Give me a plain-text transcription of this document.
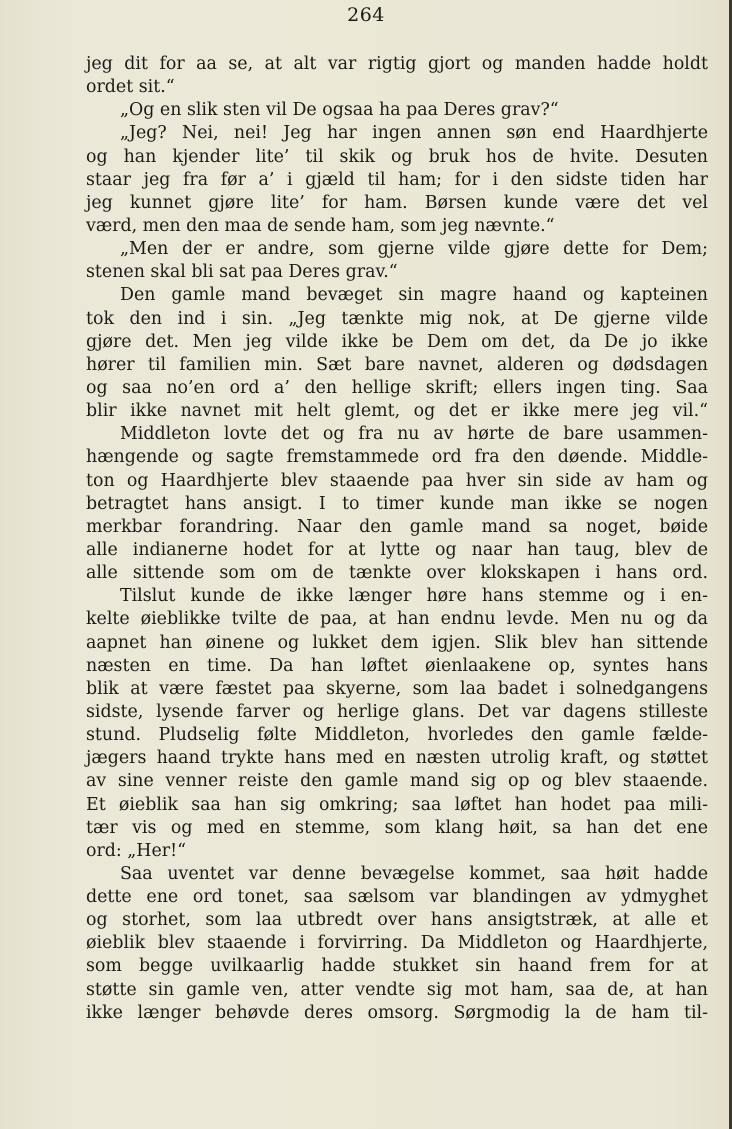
264
jeg dit for aa se, at alt var rigtig gjort og manden hadde holdt
ordet sit.“
„Og en slik sten vil De ogsaa ha paa Deres grav?“
„Jeg? Nei, nei! Jeg har ingen annen søn end Haardhjerte
og han kjender lite’ til skik og bruk hos de hvite. Desuten
staar jeg fra før a’ i gjæld til ham; for i den sidste tiden har
jeg kunnet gjøre lite’ for ham. Børsen kunde være det vel
værd, men den maa de sende ham, som jeg nævnte.“
„Men der er andre, som gjerne vilde gjøre dette for Dem;
stenen skal bli sat paa Deres grav.“
Den gamle mand bevæget sin magre haand og kapteinen
tok den ind i sin. „Jeg tænkte mig nok, at De gjerne vilde
gjøre det. Men jeg vilde ikke be Dem om det, da De jo ikke
hører til familien min. Sæt bare navnet, alderen og dødsdagen
og saa no’en ord a’ den hellige skrift; ellers ingen ting. Saa
blir ikke navnet mit helt glemt, og det er ikke mere jeg vil.“
Middleton lovte det og fra nu av hørte de bare usammen-
hængende og sagte fremstammede ord fra den døende. Middle-
ton og Haardhjerte blev staaende paa hver sin side av ham og
betragtet hans ansigt. I to timer kunde man ikke se nogen
merkbar forandring. Naar den gamle mand sa noget, bøide
alle indianerne hodet for at lytte og naar han taug, blev de
alle sittende som om de tænkte over klokskapen i hans ord.
Tilslut kunde de ikke længer høre hans stemme og i en-
kelte øieblikke tvilte de paa, at han endnu levde. Men nu og da
aapnet han øinene og lukket dem igjen. Slik blev han sittende
næsten en time. Da han løftet øienlaakene op, syntes hans
blik at være fæstet paa skyerne, som laa badet i solnedgangens
sidste, lysende farver og herlige glans. Det var dagens stilleste
stund. Pludselig følte Middleton, hvorledes den gamle fælde-
jægers haand trykte hans med en næsten utrolig kraft, og støttet
av sine venner reiste den gamle mand sig op og blev staaende.
Et øieblik saa han sig omkring; saa løftet han hodet paa mili-
tær vis og med en stemme, som klang høit, sa han det ene
ord: „Her!“
Saa uventet var denne bevægelse kommet, saa høit hadde
dette ene ord tonet, saa sælsom var blandingen av ydmyghet
og storhet, som laa utbredt over hans ansigtstræk, at alle et
øieblik blev staaende i forvirring. Da Middleton og Haardhjerte,
som begge uvilkaarlig hadde stukket sin haand frem for at
støtte sin gamle ven, atter vendte sig mot ham, saa de, at han
ikke længer behøvde deres omsorg. Sørgmodig la de ham til-
